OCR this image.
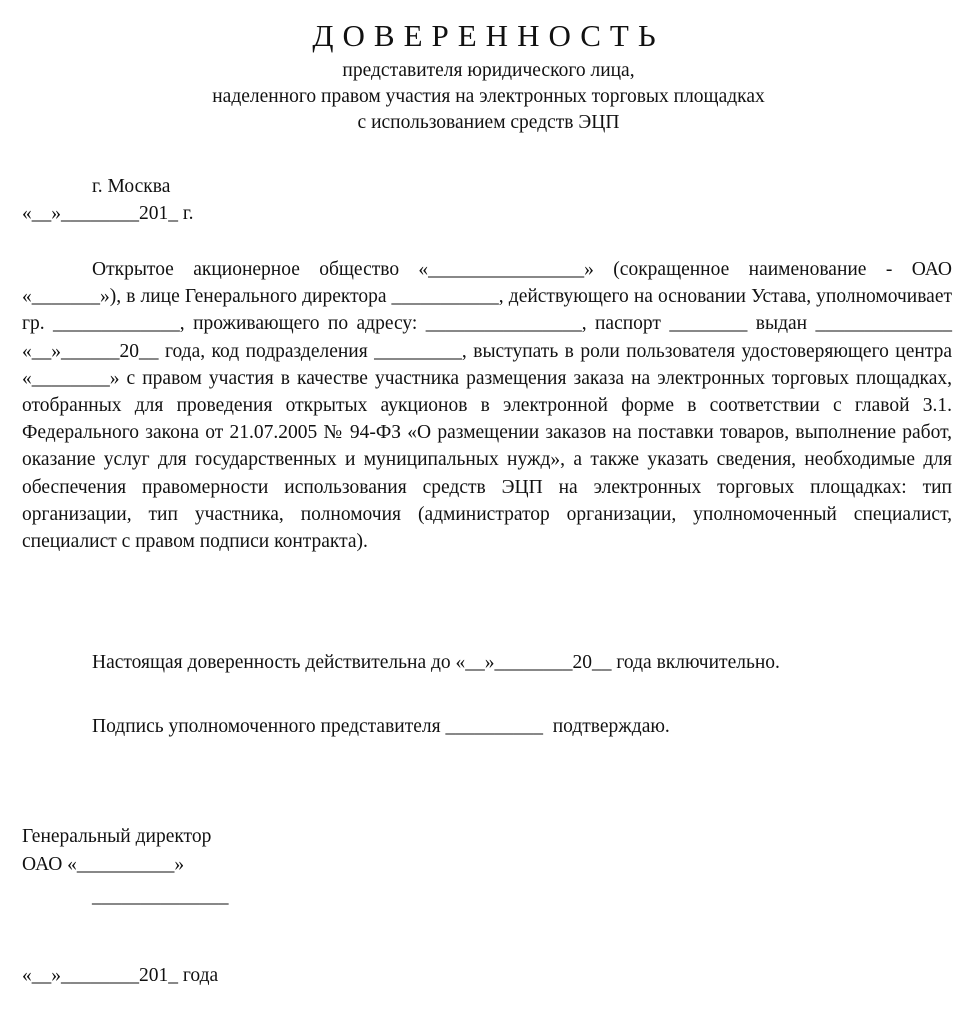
ДОВЕРЕННОСТЬ
представителя юридического лица,
наделенного правом участия на электронных торговых площадках
с использованием средств ЭЦП
г. Москва
«__»________201_ г.

Открытое акционерное общество «________________» (сокращенное наименование - ОАО «_______»), в лице Генерального директора ___________, действующего на основании Устава, уполномочивает гр. _____________, проживающего по адресу: ________________, паспорт ________ выдан ______________ «__»______20__ года, код подразделения _________, выступать в роли пользователя удостоверяющего центра «________» с правом участия в качестве участника размещения заказа на электронных торговых площадках, отобранных для проведения открытых аукционов в электронной форме в соответствии с главой 3.1. Федерального закона от 21.07.2005 № 94-ФЗ «О размещении заказов на поставки товаров, выполнение работ, оказание услуг для государственных и муниципальных нужд», а также указать сведения, необходимые для обеспечения правомерности использования средств ЭЦП на электронных торговых площадках: тип организации, тип участника, полномочия (администратор организации, уполномоченный специалист, специалист с правом подписи контракта).

Настоящая доверенность действительна до «__»________20__ года включительно.
Подпись уполномоченного представителя __________  подтверждаю.
Генеральный директор
ОАО «__________»
______________
«__»________201_ года
